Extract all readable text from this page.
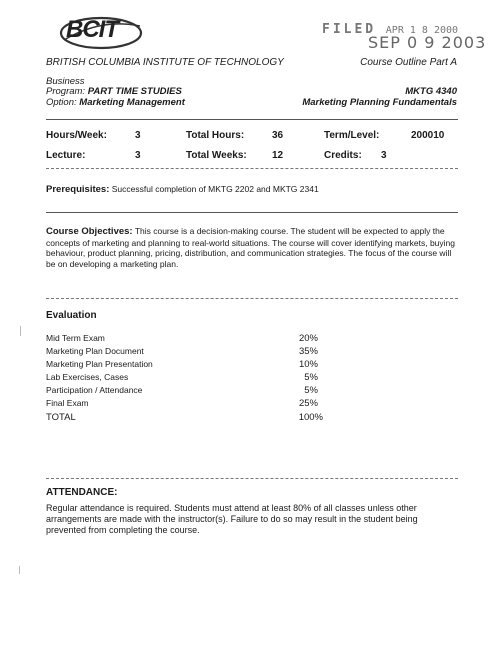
BCIT	FILED APR 1 8 2000
SEP 0 9 2003
BRITISH COLUMBIA INSTITUTE OF TECHNOLOGY	Course Outline Part A
Business
Program: PART TIME STUDIES
Option: Marketing Management
MKTG 4340
Marketing Planning Fundamentals
Hours/Week:	3	Total Hours:	36	Term/Level:	200010
Lecture:	3	Total Weeks:	12	Credits: 3
Prerequisites: Successful completion of MKTG 2202 and MKTG 2341
Course Objectives: This course is a decision-making course. The student will be expected to apply the concepts of marketing and planning to real-world situations. The course will cover identifying markets, buying behaviour, product planning, pricing, distribution, and communication strategies. The focus of the course will be on developing a marketing plan.
Evaluation
Mid Term Exam	20%
Marketing Plan Document	35%
Marketing Plan Presentation	10%
Lab Exercises, Cases	5%
Participation / Attendance	5%
Final Exam	25%
TOTAL	100%
ATTENDANCE:
Regular attendance is required. Students must attend at least 80% of all classes unless other arrangements are made with the instructor(s). Failure to do so may result in the student being prevented from completing the course.
